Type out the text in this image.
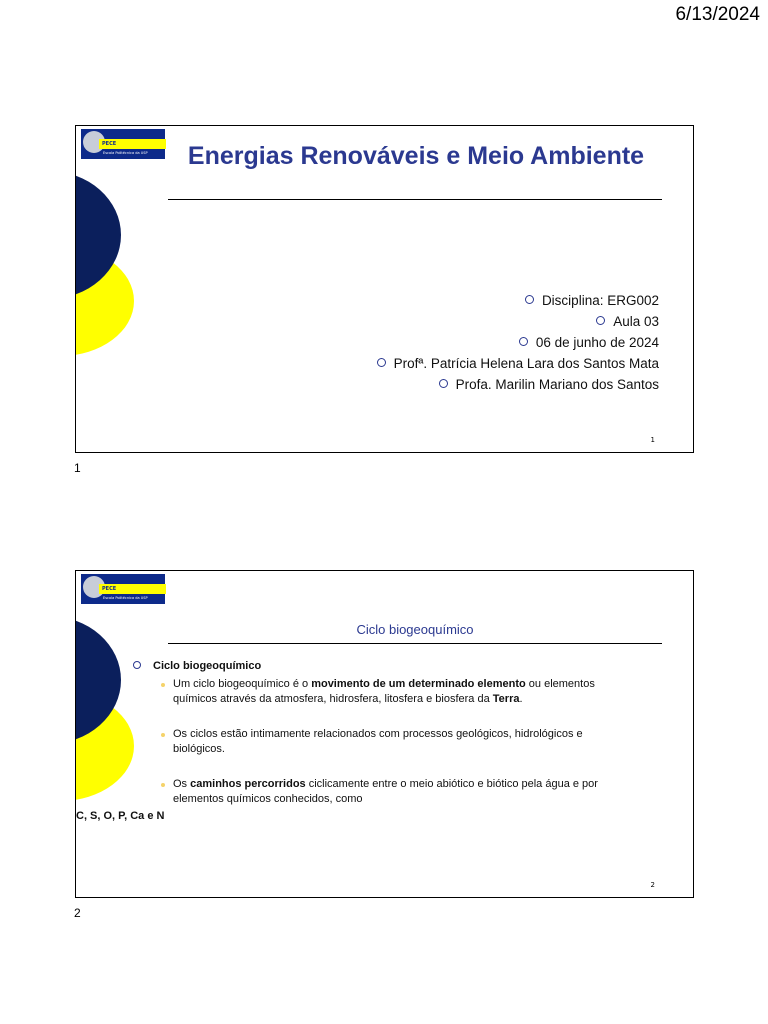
6/13/2024
PECE
Escola Politécnica da USP	Energias Renováveis e Meio Ambiente
Disciplina: ERG002
Aula 03
06 de junho de 2024
Profª. Patrícia Helena Lara dos Santos Mata
Profa. Marilin Mariano dos Santos
1
1
PECE
Escola Politécnica da USP
Ciclo biogeoquímico
Ciclo biogeoquímico
Um ciclo biogeoquímico é o movimento de um determinado elemento ou elementos químicos através da atmosfera, hidrosfera, litosfera e biosfera da Terra.
Os ciclos estão intimamente relacionados com processos geológicos, hidrológicos e biológicos.
Os caminhos percorridos ciclicamente entre o meio abiótico e biótico pela água e por elementos químicos conhecidos, como
C, S, O, P, Ca e N
2
2
